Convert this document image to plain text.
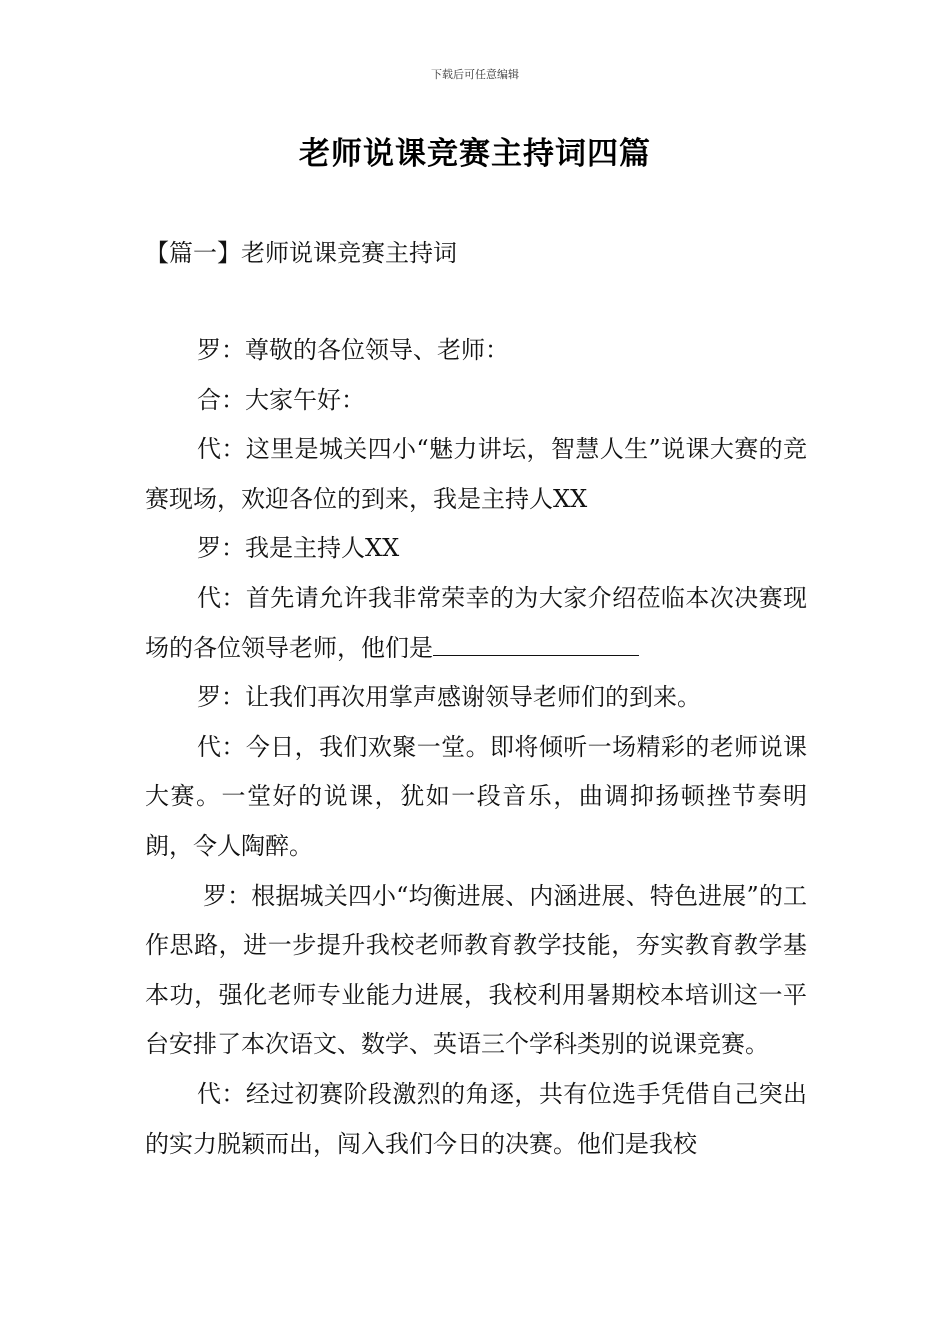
下载后可任意编辑
老师说课竞赛主持词四篇
【篇一】老师说课竞赛主持词

罗：尊敬的各位领导、老师：

合：大家午好：

代：这里是城关四小“魅力讲坛，智慧人生”说课大赛的竞赛现场，欢迎各位的到来，我是主持人XX

罗：我是主持人XX

代：首先请允许我非常荣幸的为大家介绍莅临本次决赛现场的各位领导老师，他们是

罗：让我们再次用掌声感谢领导老师们的到来。

代：今日，我们欢聚一堂。即将倾听一场精彩的老师说课大赛。一堂好的说课，犹如一段音乐，曲调抑扬顿挫节奏明朗，令人陶醉。

罗：根据城关四小“均衡进展、内涵进展、特色进展”的工作思路，进一步提升我校老师教育教学技能，夯实教育教学基本功，强化老师专业能力进展，我校利用暑期校本培训这一平台安排了本次语文、数学、英语三个学科类别的说课竞赛。

代：经过初赛阶段激烈的角逐，共有位选手凭借自己突出的实力脱颖而出，闯入我们今日的决赛。他们是我校
